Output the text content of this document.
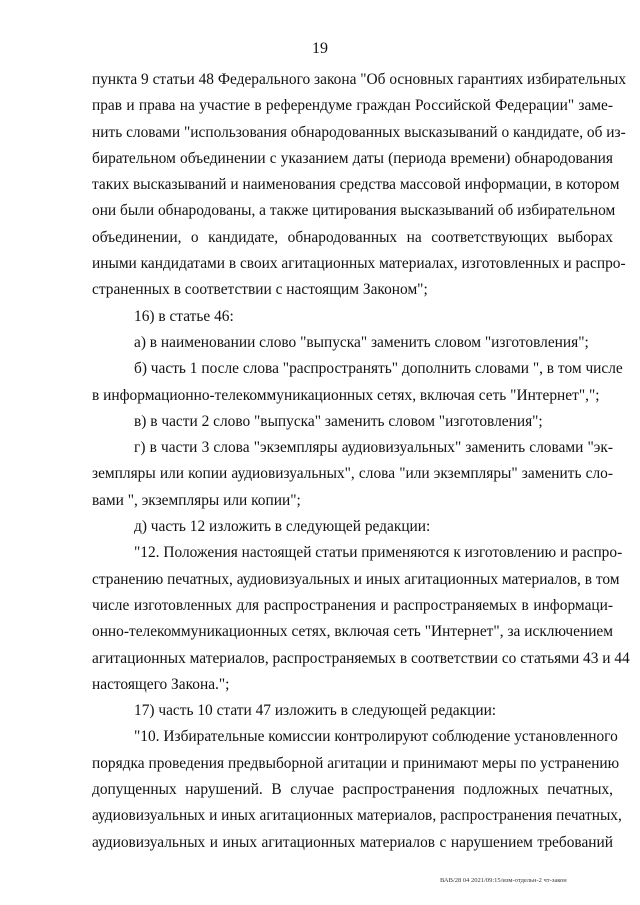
19
пункта 9 статьи 48 Федерального закона "Об основных гарантиях избирательных
прав и права на участие в референдуме граждан Российской Федерации" заме-
нить словами "использования обнародованных высказываний о кандидате, об из-
бирательном объединении с указанием даты (периода времени) обнародования
таких высказываний и наименования средства массовой информации, в котором
они были обнародованы, а также цитирования высказываний об избирательном
объединении, о кандидате, обнародованных на соответствующих выборах
иными кандидатами в своих агитационных материалах, изготовленных и распро-
страненных в соответствии с настоящим Законом";
16) в статье 46:
а) в наименовании слово "выпуска" заменить словом "изготовления";
б) часть 1 после слова "распространять" дополнить словами ", в том числе
в информационно-телекоммуникационных сетях, включая сеть "Интернет",";
в) в части 2 слово "выпуска" заменить словом "изготовления";
г) в части 3 слова "экземпляры аудиовизуальных" заменить словами "эк-
земпляры или копии аудиовизуальных", слова "или экземпляры" заменить сло-
вами ", экземпляры или копии";
д) часть 12 изложить в следующей редакции:
"12. Положения настоящей статьи применяются к изготовлению и распро-
странению печатных, аудиовизуальных и иных агитационных материалов, в том
числе изготовленных для распространения и распространяемых в информаци-
онно-телекоммуникационных сетях, включая сеть "Интернет", за исключением
агитационных материалов, распространяемых в соответствии со статьями 43 и 44
настоящего Закона.";
17) часть 10 стати 47 изложить в следующей редакции:
"10. Избирательные комиссии контролируют соблюдение установленного
порядка проведения предвыборной агитации и принимают меры по устранению
допущенных нарушений. В случае распространения подложных печатных,
аудиовизуальных и иных агитационных материалов, распространения печатных,
аудиовизуальных и иных агитационных материалов с нарушением требований
ВАВ/28 04 2021/09:15/изм-отдельн-2 чт-закон
